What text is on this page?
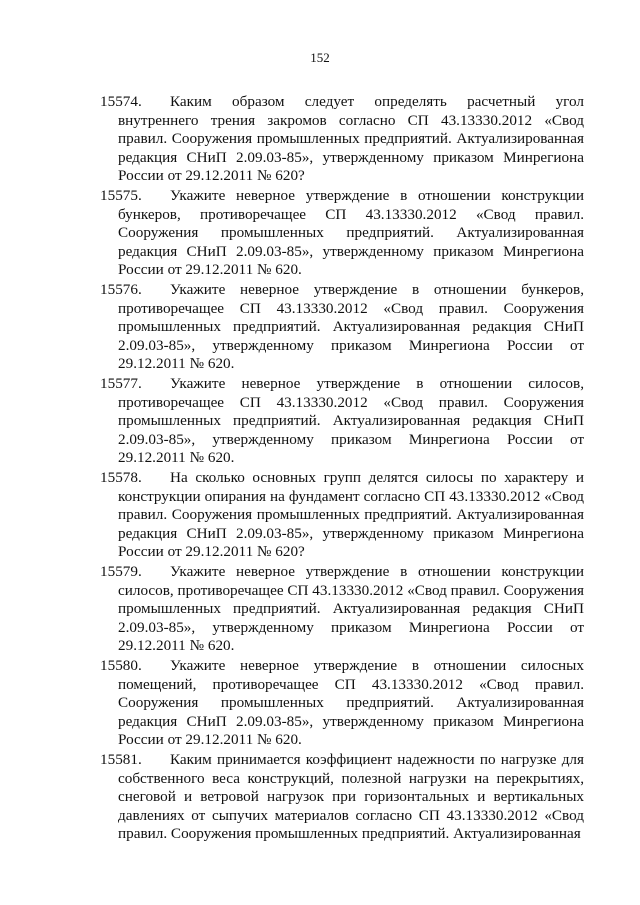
152

15574. Каким образом следует определять расчетный угол внутреннего трения закромов согласно СП 43.13330.2012 «Свод правил. Сооружения промышленных предприятий. Актуализированная редакция СНиП 2.09.03-85», утвержденному приказом Минрегиона России от 29.12.2011 № 620?

15575. Укажите неверное утверждение в отношении конструкции бункеров, противоречащее СП 43.13330.2012 «Свод правил. Сооружения промышленных предприятий. Актуализированная редакция СНиП 2.09.03-85», утвержденному приказом Минрегиона России от 29.12.2011 № 620.

15576. Укажите неверное утверждение в отношении бункеров, противоречащее СП 43.13330.2012 «Свод правил. Сооружения промышленных предприятий. Актуализированная редакция СНиП 2.09.03-85», утвержденному приказом Минрегиона России от 29.12.2011 № 620.

15577. Укажите неверное утверждение в отношении силосов, противоречащее СП 43.13330.2012 «Свод правил. Сооружения промышленных предприятий. Актуализированная редакция СНиП 2.09.03-85», утвержденному приказом Минрегиона России от 29.12.2011 № 620.

15578. На сколько основных групп делятся силосы по характеру и конструкции опирания на фундамент согласно СП 43.13330.2012 «Свод правил. Сооружения промышленных предприятий. Актуализированная редакция СНиП 2.09.03-85», утвержденному приказом Минрегиона России от 29.12.2011 № 620?

15579. Укажите неверное утверждение в отношении конструкции силосов, противоречащее СП 43.13330.2012 «Свод правил. Сооружения промышленных предприятий. Актуализированная редакция СНиП 2.09.03-85», утвержденному приказом Минрегиона России от 29.12.2011 № 620.

15580. Укажите неверное утверждение в отношении силосных помещений, противоречащее СП 43.13330.2012 «Свод правил. Сооружения промышленных предприятий. Актуализированная редакция СНиП 2.09.03-85», утвержденному приказом Минрегиона России от 29.12.2011 № 620.

15581. Каким принимается коэффициент надежности по нагрузке для собственного веса конструкций, полезной нагрузки на перекрытиях, снеговой и ветровой нагрузок при горизонтальных и вертикальных давлениях от сыпучих материалов согласно СП 43.13330.2012 «Свод правил. Сооружения промышленных предприятий. Актуализированная
